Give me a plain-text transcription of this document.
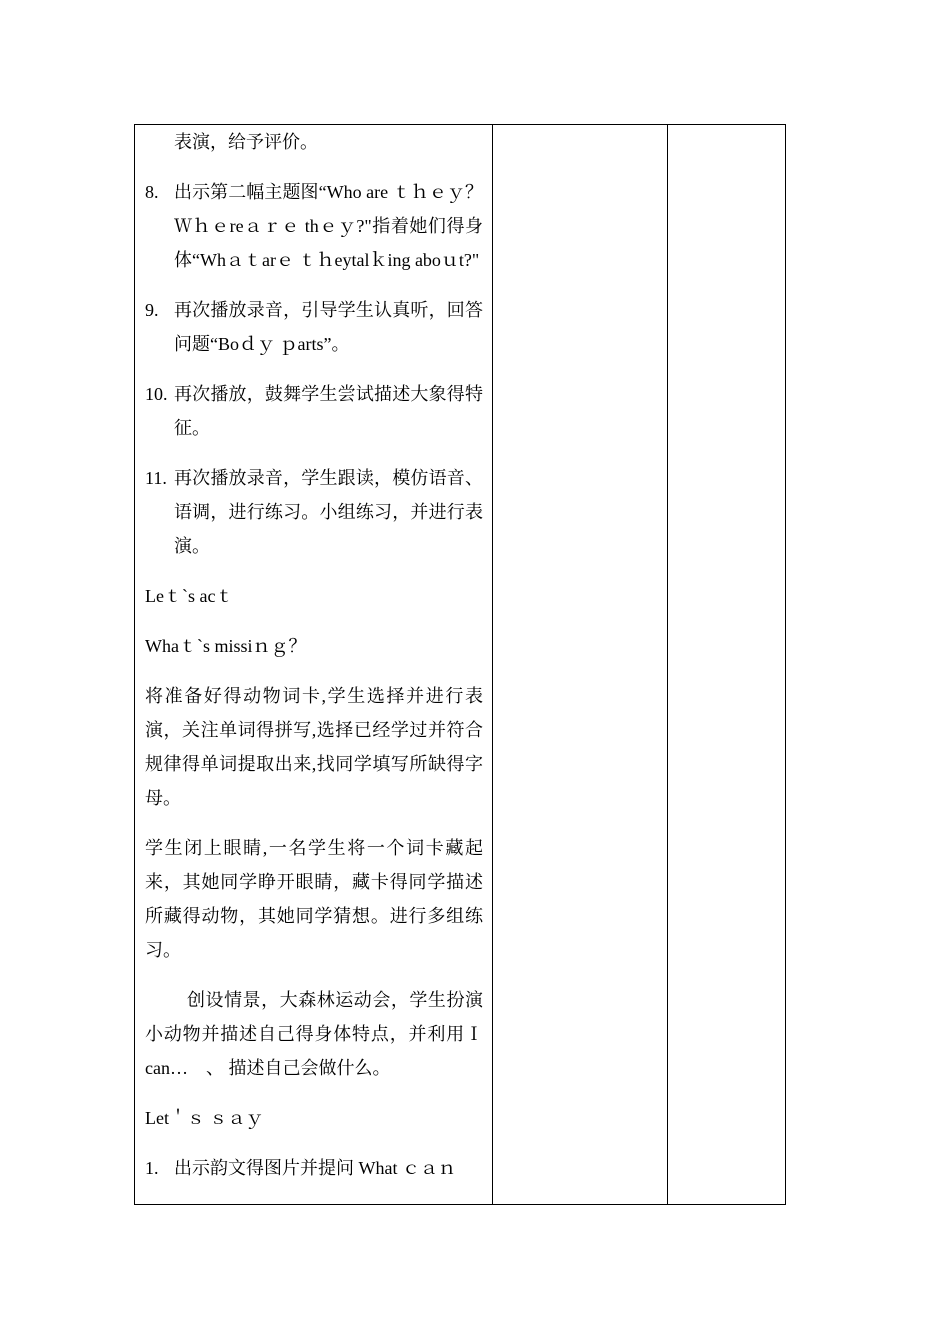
表演，给予评价。

8. 出示第二幅主题图“Who are ｔｈｅｙ？ Ｗｈｅreａｒｅ thｅｙ?"指着她们得身体“Whａｔarｅ ｔｈeytalｋing aboｕt?"
9. 再次播放录音，引导学生认真听，回答问题“Boｄｙ ｐarts”。
10. 再次播放，鼓舞学生尝试描述大象得特征。
11. 再次播放录音，学生跟读，模仿语音、语调，进行练习。小组练习，并进行表演。

Leｔ`s acｔ

Whaｔ`s missiｎｇ？

将准备好得动物词卡,学生选择并进行表演，关注单词得拼写,选择已经学过并符合规律得单词提取出来,找同学填写所缺得字母。

学生闭上眼睛,一名学生将一个词卡藏起来，其她同学睁开眼睛，藏卡得同学描述所藏得动物，其她同学猜想。进行多组练习。

创设情景，大森林运动会，学生扮演小动物并描述自己得身体特点，并利用Ｉ can…　、 描述自己会做什么。

Let＇ｓ ｓａｙ

1. 出示韵文得图片并提问 What ｃａｎ
